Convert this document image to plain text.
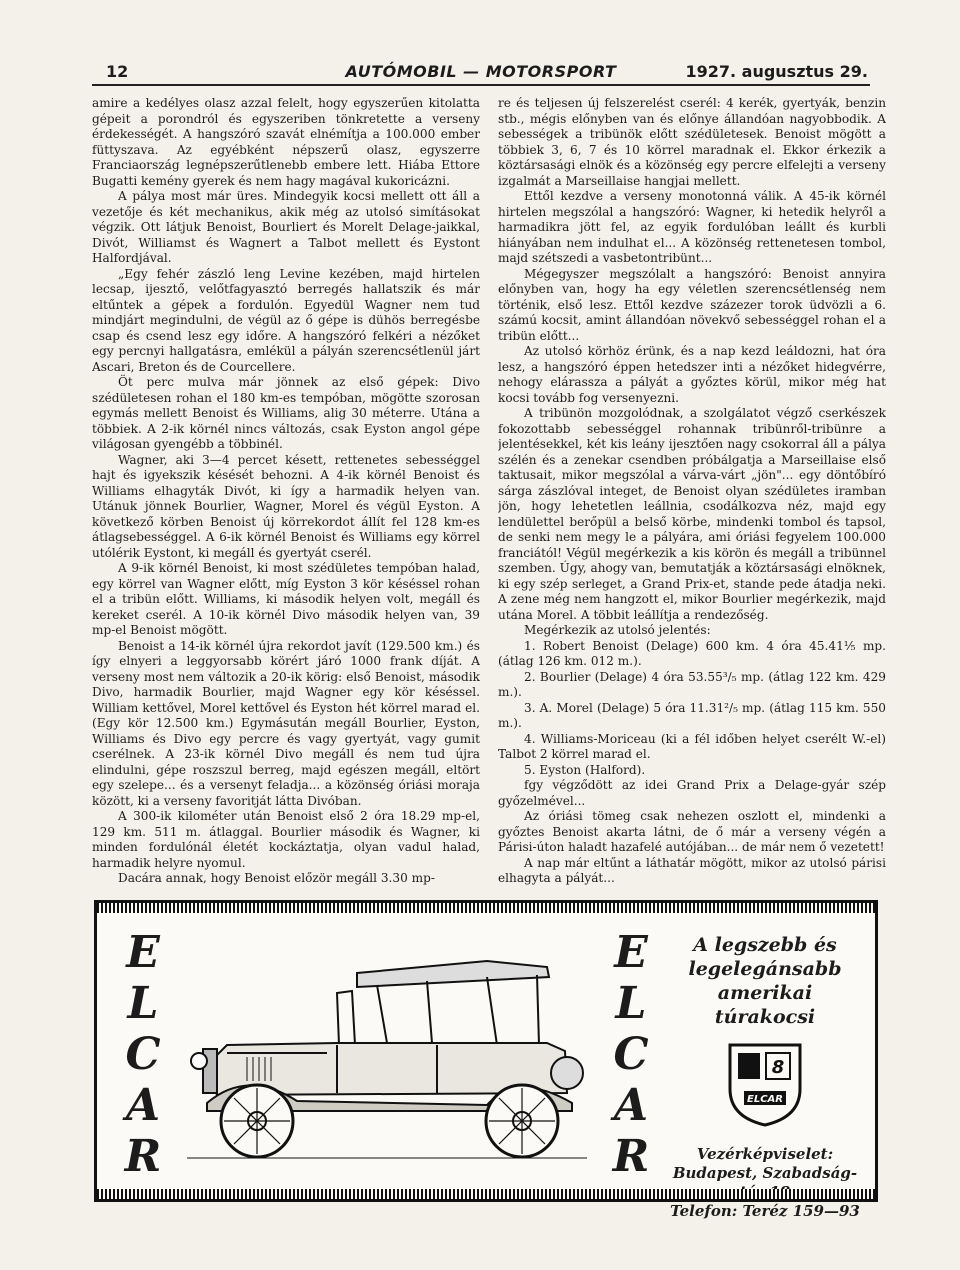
12	AUTÓMOBIL — MOTORSPORT	1927. augusztus 29.

amire a kedélyes olasz azzal felelt, hogy egyszerűen kitolatta gépeit a porondról és egyszeriben tönkretette a verseny érdekességét. A hangszóró szavát elnémítja a 100.000 ember füttyszava. Az egyébként népszerű olasz, egyszerre Franciaország legnépszerűtlenebb embere lett. Hiába Ettore Bugatti kemény gyerek és nem hagy magával kukoricázni.

A pálya most már üres. Mindegyik kocsi mellett ott áll a vezetője és két mechanikus, akik még az utolsó simításokat végzik. Ott látjuk Benoist, Bourliert és Morelt Delage-jaikkal, Divót, Williamst és Wagnert a Talbot mellett és Eystont Halfordjával.

„Egy fehér zászló leng Levine kezében, majd hirtelen lecsap, ijesztő, velőtfagyasztó berregés hallatszik és már eltűntek a gépek a fordulón. Egyedül Wagner nem tud mindjárt megindulni, de végül az ő gépe is dühös berregésbe csap és csend lesz egy időre. A hangszóró felkéri a nézőket egy percnyi hallgatásra, emlékül a pályán szerencsétlenül járt Ascari, Breton és de Courcellere.

Öt perc mulva már jönnek az első gépek: Divo szédületesen rohan el 180 km-es tempóban, mögötte szorosan egymás mellett Benoist és Williams, alig 30 méterre. Utána a többiek. A 2-ik körnél nincs változás, csak Eyston angol gépe világosan gyengébb a többinél.

Wagner, aki 3—4 percet késett, rettenetes sebességgel hajt és igyekszik késését behozni. A 4-ik körnél Benoist és Williams elhagyták Divót, ki így a harmadik helyen van. Utánuk jönnek Bourlier, Wagner, Morel és végül Eyston. A következő körben Benoist új körrekordot állít fel 128 km-es átlagsebességgel. A 6-ik körnél Benoist és Williams egy körrel utólérik Eystont, ki megáll és gyertyát cserél.

A 9-ik körnél Benoist, ki most szédületes tempóban halad, egy körrel van Wagner előtt, míg Eyston 3 kör késéssel rohan el a tribün előtt. Williams, ki második helyen volt, megáll és kereket cserél. A 10-ik körnél Divo második helyen van, 39 mp-el Benoist mögött.

Benoist a 14-ik körnél újra rekordot javít (129.500 km.) és így elnyeri a leggyorsabb körért járó 1000 frank díját. A verseny most nem változik a 20-ik körig: első Benoist, második Divo, harmadik Bourlier, majd Wagner egy kör késéssel. William kettővel, Morel kettővel és Eyston hét körrel marad el. (Egy kör 12.500 km.) Egymásután megáll Bourlier, Eyston, Williams és Divo egy percre és vagy gyertyát, vagy gumit cserélnek. A 23-ik körnél Divo megáll és nem tud újra elindulni, gépe roszszul berreg, majd egészen megáll, eltört egy szelepe... és a versenyt feladja... a közönség óriási moraja között, ki a verseny favoritját látta Divóban.

A 300-ik kilométer után Benoist első 2 óra 18.29 mp-el, 129 km. 511 m. átlaggal. Bourlier második és Wagner, ki minden fordulónál életét kockáztatja, olyan vadul halad, harmadik helyre nyomul.

Dacára annak, hogy Benoist előzör megáll 3.30 mp-

re és teljesen új felszerelést cserél: 4 kerék, gyertyák, benzin stb., mégis előnyben van és előnye állandóan nagyobbodik. A sebességek a tribünök előtt szédületesek. Benoist mögött a többiek 3, 6, 7 és 10 körrel maradnak el. Ekkor érkezik a köztársasági elnök és a közönség egy percre elfelejti a verseny izgalmát a Marseillaise hangjai mellett.

Ettől kezdve a verseny monotonná válik. A 45-ik körnél hirtelen megszólal a hangszóró: Wagner, ki hetedik helyről a harmadikra jött fel, az egyik fordulóban leállt és kurbli hiányában nem indulhat el... A közönség rettenetesen tombol, majd szétszedi a vasbetontribünt...

Mégegyszer megszólalt a hangszóró: Benoist annyira előnyben van, hogy ha egy véletlen szerencsétlenség nem történik, első lesz. Ettől kezdve százezer torok üdvözli a 6. számú kocsit, amint állandóan növekvő sebességgel rohan el a tribün előtt...

Az utolsó körhöz érünk, és a nap kezd leáldozni, hat óra lesz, a hangszóró éppen hetedszer inti a nézőket hidegvérre, nehogy elárassza a pályát a győztes körül, mikor még hat kocsi tovább fog versenyezni.

A tribünön mozgolódnak, a szolgálatot végző cserkészek fokozottabb sebességgel rohannak tribünről-tribünre a jelentésekkel, két kis leány ijesztően nagy csokorral áll a pálya szélén és a zenekar csendben próbálgatja a Marseillaise első taktusait, mikor megszólal a várva-várt „jön"... egy döntőbíró sárga zászlóval integet, de Benoist olyan szédületes iramban jön, hogy lehetetlen leállnia, csodálkozva néz, majd egy lendülettel berőpül a belső körbe, mindenki tombol és tapsol, de senki nem megy le a pályára, ami óriási fegyelem 100.000 franciától! Végül megérkezik a kis körön és megáll a tribünnel szemben. Úgy, ahogy van, bemutatják a köztársasági elnöknek, ki egy szép serleget, a Grand Prix-et, stande pede átadja neki. A zene még nem hangzott el, mikor Bourlier megérkezik, majd utána Morel. A többit leállítja a rendezőség.

Megérkezik az utolsó jelentés:

1. Robert Benoist (Delage) 600 km. 4 óra 45.41⅕ mp. (átlag 126 km. 012 m.).

2. Bourlier (Delage) 4 óra 53.55³/₅ mp. (átlag 122 km. 429 m.).

3. A. Morel (Delage) 5 óra 11.31²/₅ mp. (átlag 115 km. 550 m.).

4. Williams-Moriceau (ki a fél időben helyet cserélt W.-el) Talbot 2 körrel marad el.

5. Eyston (Halford).

fgy végződött az idei Grand Prix a Delage-gyár szép győzelmével...

Az óriási tömeg csak nehezen oszlott el, mindenki a győztes Benoist akarta látni, de ő már a verseny végén a Párisi-úton haladt hazafelé autójában... de már nem ő vezetett!

A nap már eltűnt a láthatár mögött, mikor az utolsó párisi elhagyta a pályát...

E
L
C
A
R
E
L
C
A
R
A legszebb és legelegánsabb amerikai túrakocsi
8
ELCAR
Vezérképviselet:
Budapest, Szabadság-
Telefon: Teréz 159—93
